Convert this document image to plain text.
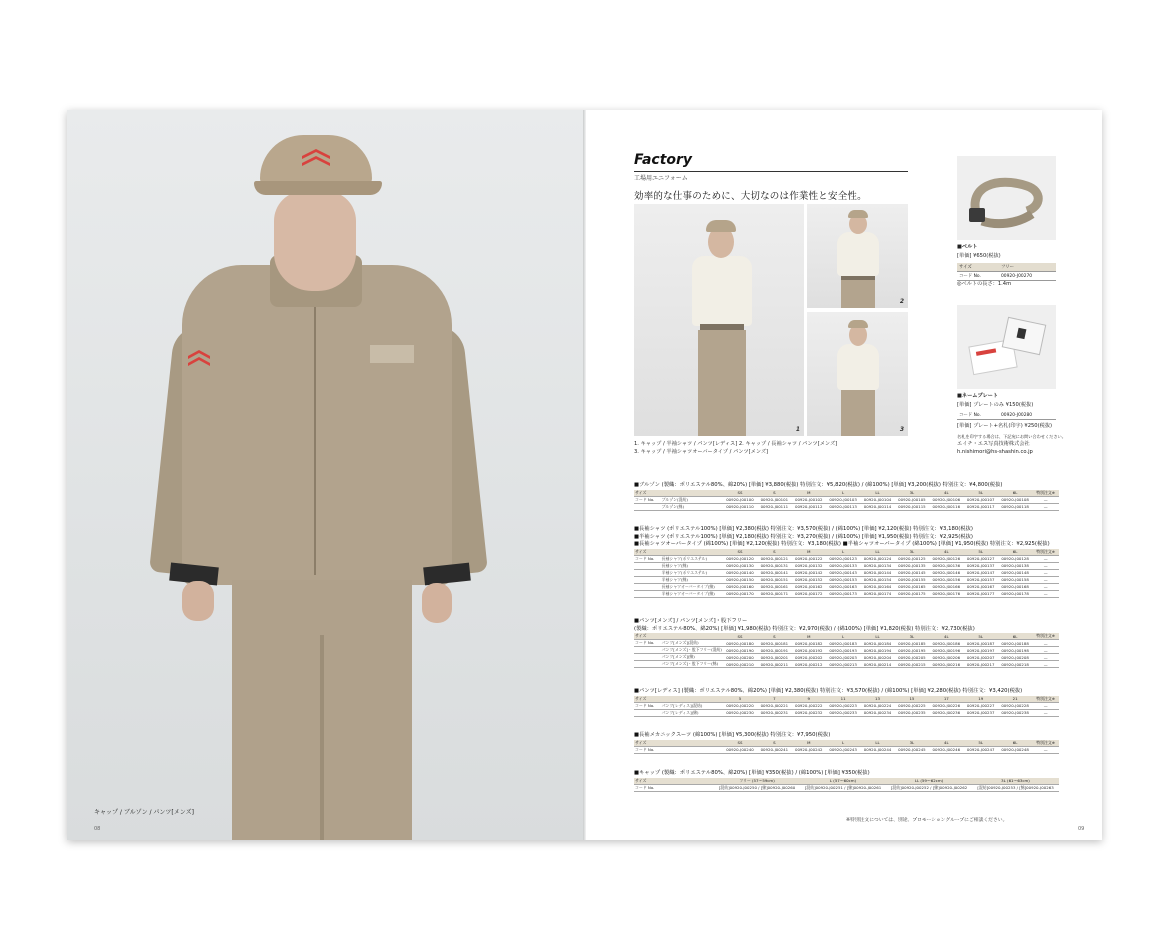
キャップ / ブルゾン / パンツ[メンズ]
08
Factory
工場用ユニフォーム
効率的な仕事のために、大切なのは作業性と安全性。
1
2
3
1. キャップ / 半袖シャツ / パンツ[レディス] 2. キャップ / 長袖シャツ / パンツ[メンズ]
3. キャップ / 半袖シャツオーバータイプ / パンツ[メンズ]
■ベルト
[単価] ¥650(税抜)
サイズ	フリー
コード No.	00920-J00270
◎ベルトの長さ：1.4m
■ネームプレート
[単価] プレートのみ ¥150(税抜)
コード No.	00920-J00280
[単価] プレート+名札(印字) ¥250(税抜)
名札を印字する場合は、下記宛にお問い合わせください。
エイチ・エス写真技術株式会社
h.nishimori@hs-shashin.co.jp
■ブルゾン (製織：ポリエステル80%、綿20%) [単価] ¥3,880(税抜) 特別注文：¥5,820(税抜) / (綿100%) [単価] ¥3,200(税抜) 特別注文：¥4,800(税抜)
サイズ		SS	S	M	L	LL	3L	4L	5L	6L	特別注文※
コード No.	ブルゾン(混紡)	00920-J00100	00920-J00101	00920-J00102	00920-J00103	00920-J00104	00920-J00105	00920-J00106	00920-J00107	00920-J00108	—
	ブルゾン(綿)	00920-J00110	00920-J00111	00920-J00112	00920-J00113	00920-J00114	00920-J00115	00920-J00116	00920-J00117	00920-J00118	—
■長袖シャツ (ポリエステル100%) [単価] ¥2,380(税抜) 特別注文：¥3,570(税抜) / (綿100%) [単価] ¥2,120(税抜) 特別注文：¥3,180(税抜)
■半袖シャツ (ポリエステル100%) [単価] ¥2,180(税抜) 特別注文：¥3,270(税抜) / (綿100%) [単価] ¥1,950(税抜) 特別注文：¥2,925(税抜)
■長袖シャツオーバータイプ (綿100%) [単価] ¥2,120(税抜) 特別注文：¥3,180(税抜) ■半袖シャツオーバータイプ (綿100%) [単価] ¥1,950(税抜) 特別注文：¥2,925(税抜)
サイズ		SS	S	M	L	LL	3L	4L	5L	6L	特別注文※
コード No.	長袖シャツ(ポリエステル)	00920-J00120	00920-J00121	00920-J00122	00920-J00123	00920-J00124	00920-J00125	00920-J00126	00920-J00127	00920-J00128	—
	長袖シャツ(綿)	00920-J00130	00920-J00131	00920-J00132	00920-J00133	00920-J00134	00920-J00135	00920-J00136	00920-J00137	00920-J00138	—
	半袖シャツ(ポリエステル)	00920-J00140	00920-J00141	00920-J00142	00920-J00143	00920-J00144	00920-J00145	00920-J00146	00920-J00147	00920-J00148	—
	半袖シャツ(綿)	00920-J00150	00920-J00151	00920-J00152	00920-J00153	00920-J00154	00920-J00155	00920-J00156	00920-J00157	00920-J00158	—
	長袖シャツオーバータイプ(綿)	00920-J00160	00920-J00161	00920-J00162	00920-J00163	00920-J00164	00920-J00165	00920-J00166	00920-J00167	00920-J00168	—
	半袖シャツオーバータイプ(綿)	00920-J00170	00920-J00171	00920-J00172	00920-J00173	00920-J00174	00920-J00175	00920-J00176	00920-J00177	00920-J00178	—
■パンツ[メンズ] / パンツ[メンズ]・股下フリー
(製織：ポリエステル80%、綿20%) [単価] ¥1,980(税抜) 特別注文：¥2,970(税抜) / (綿100%) [単価] ¥1,820(税抜) 特別注文：¥2,730(税抜)
サイズ		SS	S	M	L	LL	3L	4L	5L	6L	特別注文※
コード No.	パンツ[メンズ](混紡)	00920-J00180	00920-J00181	00920-J00182	00920-J00183	00920-J00184	00920-J00185	00920-J00186	00920-J00187	00920-J00188	—
	パンツ[メンズ]・股下フリー(混紡)	00920-J00190	00920-J00191	00920-J00192	00920-J00193	00920-J00194	00920-J00195	00920-J00196	00920-J00197	00920-J00198	—
	パンツ[メンズ](綿)	00920-J00200	00920-J00201	00920-J00202	00920-J00203	00920-J00204	00920-J00205	00920-J00206	00920-J00207	00920-J00208	—
	パンツ[メンズ]・股下フリー(綿)	00920-J00210	00920-J00211	00920-J00212	00920-J00213	00920-J00214	00920-J00215	00920-J00216	00920-J00217	00920-J00218	—
■パンツ[レディス] (製織：ポリエステル80%、綿20%) [単価] ¥2,380(税抜) 特別注文：¥3,570(税抜) / (綿100%) [単価] ¥2,280(税抜) 特別注文：¥3,420(税抜)
サイズ		5	7	9	11	13	15	17	19	21	特別注文※
コード No.	パンツ[レディス](混紡)	00920-J00220	00920-J00221	00920-J00222	00920-J00223	00920-J00224	00920-J00225	00920-J00226	00920-J00227	00920-J00228	—
	パンツ[レディス](綿)	00920-J00230	00920-J00231	00920-J00232	00920-J00233	00920-J00234	00920-J00235	00920-J00236	00920-J00237	00920-J00238	—
■長袖メカニックスーツ (綿100%) [単価] ¥5,300(税抜) 特別注文：¥7,950(税抜)
サイズ		SS	S	M	L	LL	3L	4L	5L	6L	特別注文※
コード No.		00920-J00240	00920-J00241	00920-J00242	00920-J00243	00920-J00244	00920-J00245	00920-J00246	00920-J00247	00920-J00248	—
■キャップ (製織：ポリエステル80%、綿20%) [単価] ¥350(税抜) / (綿100%) [単価] ¥350(税抜)
サイズ		フリー (57〜59cm)	L (57〜60cm)	LL (59〜62cm)	3L (61〜63cm)
コード No.		[混紡]00920-J00250 / [綿]00920-J00260	[混紡]00920-J00251 / [綿]00920-J00261	[混紡]00920-J00252 / [綿]00920-J00262	[混紡]00920-J00253 / [綿]00920-J00263
※特別注文については、別途、プロモーショングループにご相談ください。
09
